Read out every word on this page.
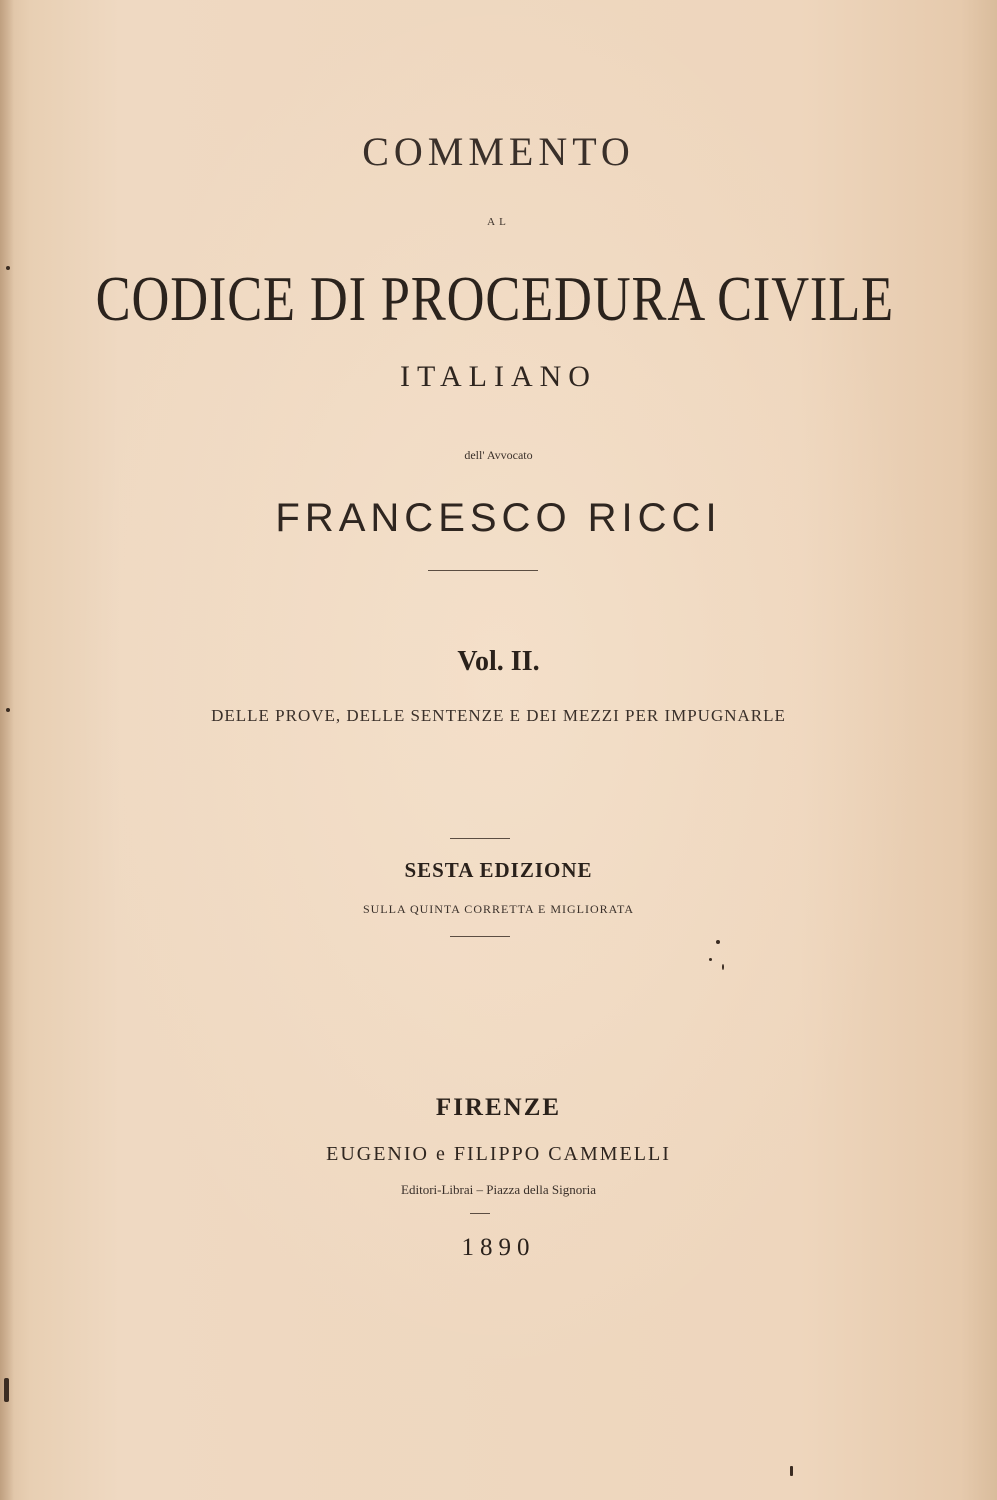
COMMENTO
AL
CODICE DI PROCEDURA CIVILE
ITALIANO
dell' Avvocato
FRANCESCO RICCI
Vol. II.
DELLE PROVE, DELLE SENTENZE E DEI MEZZI PER IMPUGNARLE
SESTA EDIZIONE
SULLA QUINTA CORRETTA E MIGLIORATA
FIRENZE
EUGENIO e FILIPPO CAMMELLI
Editori-Librai – Piazza della Signoria
1890
